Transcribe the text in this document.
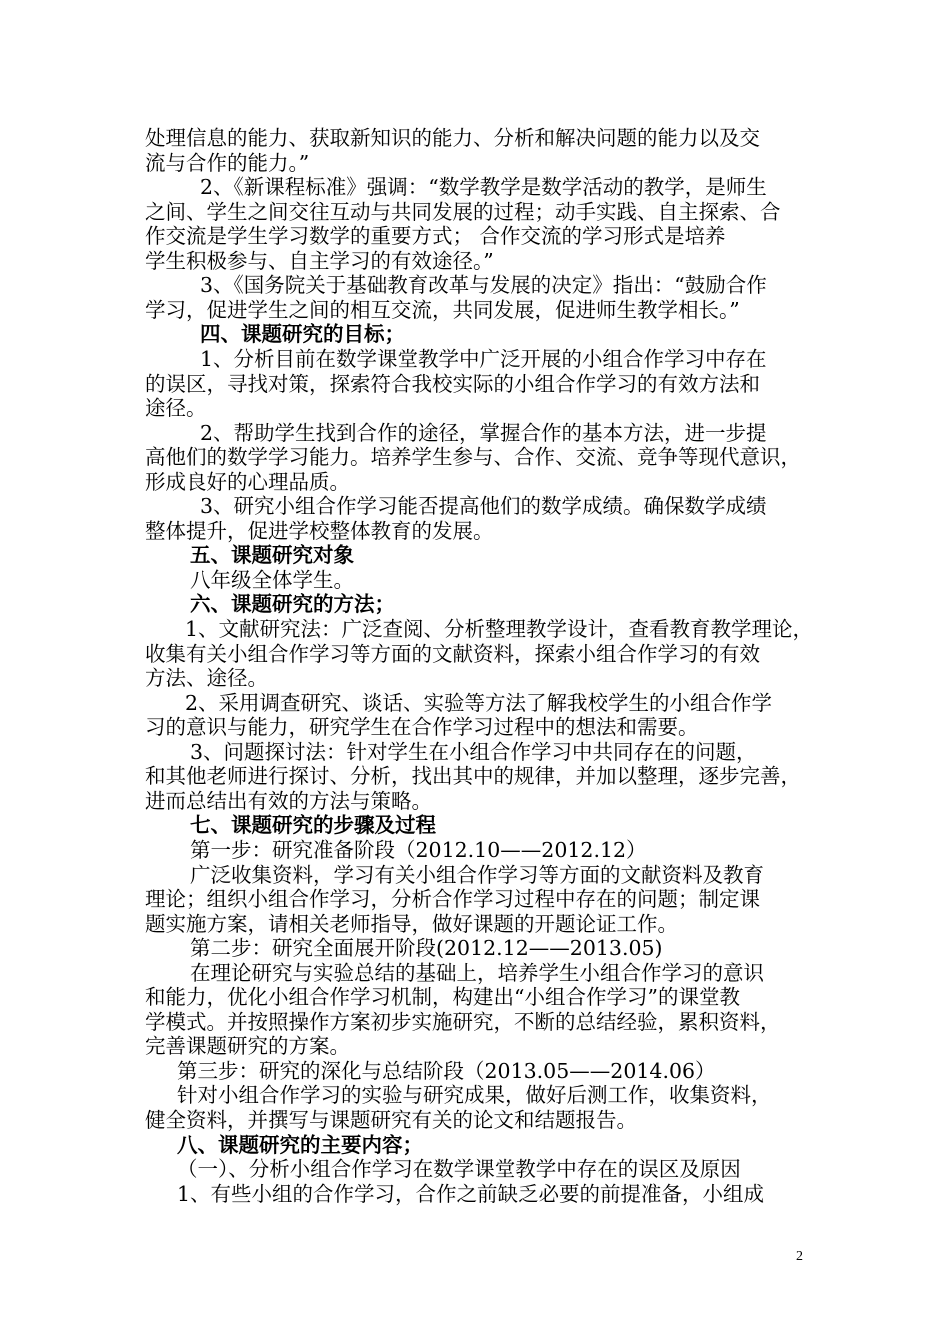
处理信息的能力、获取新知识的能力、分析和解决问题的能力以及交
流与合作的能力。”
2、《新课程标准》强调：“数学教学是数学活动的教学，是师生
之间、学生之间交往互动与共同发展的过程；动手实践、自主探索、合
作交流是学生学习数学的重要方式； 合作交流的学习形式是培养
学生积极参与、自主学习的有效途径。”
3、《国务院关于基础教育改革与发展的决定》指出：“鼓励合作
学习，促进学生之间的相互交流，共同发展，促进师生教学相长。”
四、课题研究的目标；
1、分析目前在数学课堂教学中广泛开展的小组合作学习中存在
的误区，寻找对策，探索符合我校实际的小组合作学习的有效方法和
途径。
2、帮助学生找到合作的途径，掌握合作的基本方法，进一步提
高他们的数学学习能力。培养学生参与、合作、交流、竞争等现代意识，
形成良好的心理品质。
3、研究小组合作学习能否提高他们的数学成绩。确保数学成绩
整体提升，促进学校整体教育的发展。
五、课题研究对象
八年级全体学生。
六、课题研究的方法；
1、文献研究法：广泛查阅、分析整理教学设计，查看教育教学理论，
收集有关小组合作学习等方面的文献资料，探索小组合作学习的有效
方法、途径。
2、采用调查研究、谈话、实验等方法了解我校学生的小组合作学
习的意识与能力，研究学生在合作学习过程中的想法和需要。
3、问题探讨法：针对学生在小组合作学习中共同存在的问题，
和其他老师进行探讨、分析，找出其中的规律，并加以整理，逐步完善，
进而总结出有效的方法与策略。
七、课题研究的步骤及过程
第一步：研究准备阶段（2012.10——2012.12）
广泛收集资料，学习有关小组合作学习等方面的文献资料及教育
理论；组织小组合作学习，分析合作学习过程中存在的问题；制定课
题实施方案，请相关老师指导，做好课题的开题论证工作。
第二步：研究全面展开阶段(2012.12——2013.05)
在理论研究与实验总结的基础上，培养学生小组合作学习的意识
和能力，优化小组合作学习机制，构建出“小组合作学习”的课堂教
学模式。并按照操作方案初步实施研究，不断的总结经验，累积资料，
完善课题研究的方案。
第三步：研究的深化与总结阶段（2013.05——2014.06）
针对小组合作学习的实验与研究成果，做好后测工作，收集资料，
健全资料，并撰写与课题研究有关的论文和结题报告。
八、课题研究的主要内容；
（一）、分析小组合作学习在数学课堂教学中存在的误区及原因
1、有些小组的合作学习，合作之前缺乏必要的前提准备，小组成
2
